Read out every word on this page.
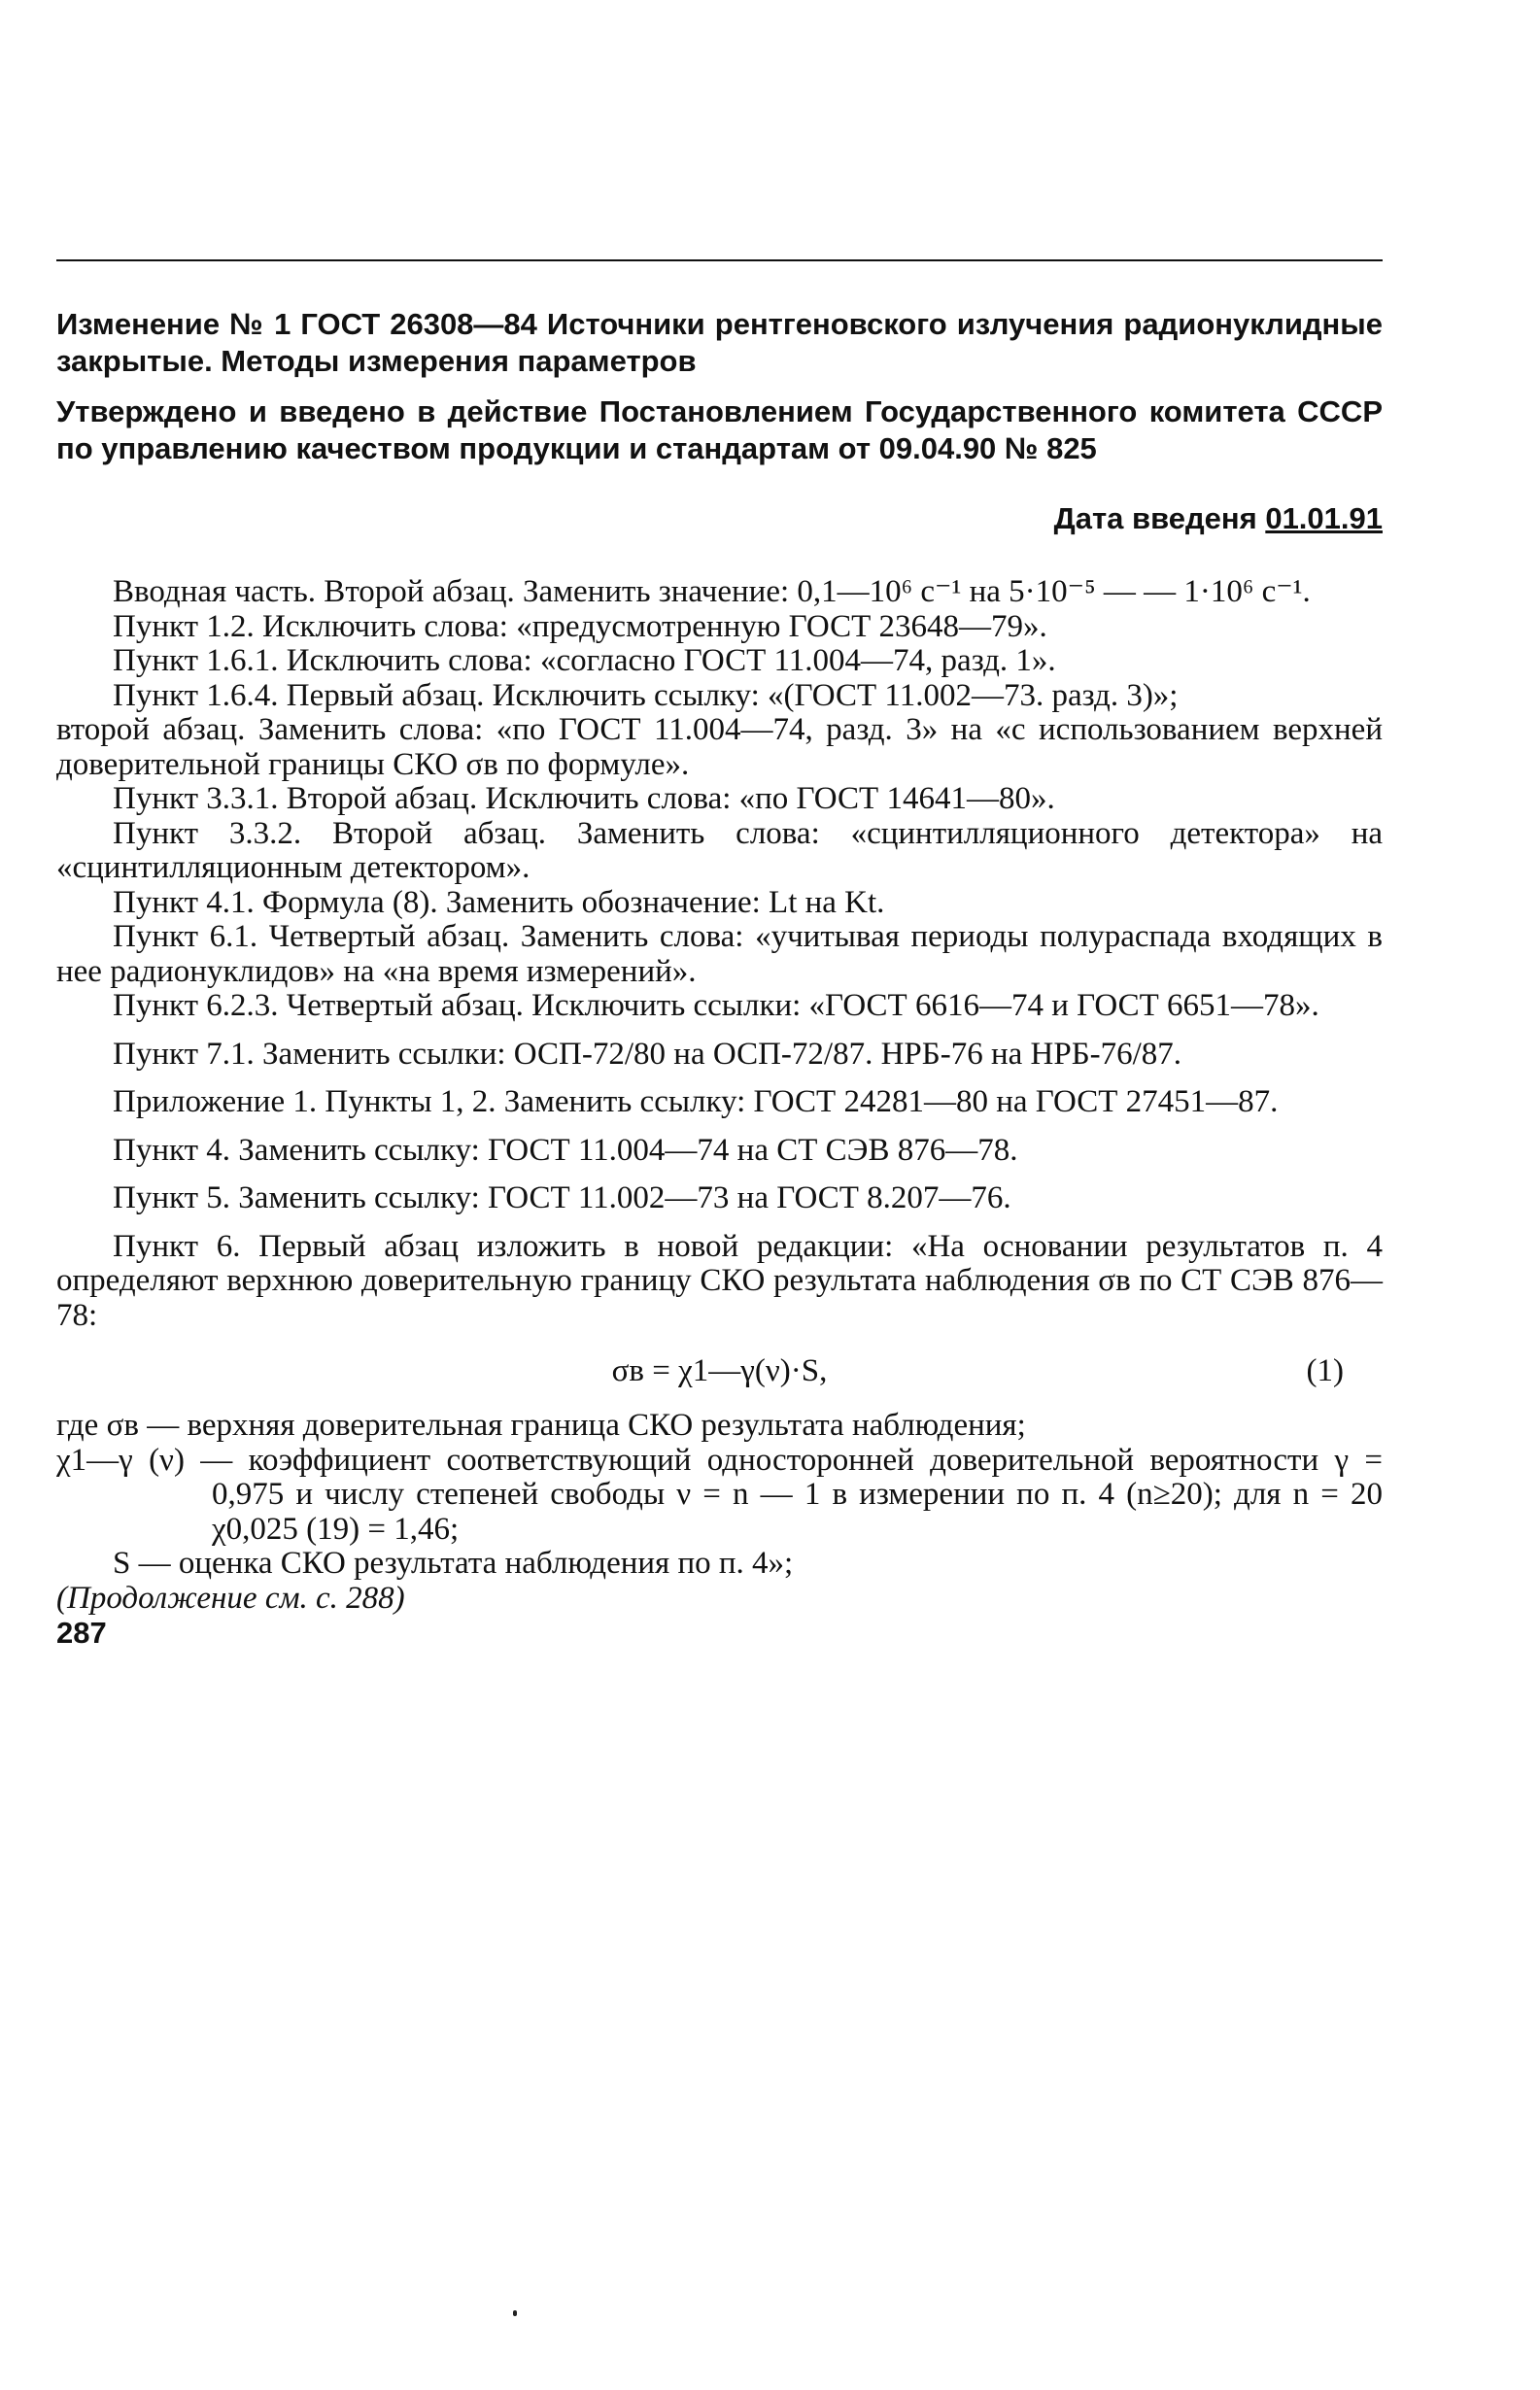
Изменение № 1 ГОСТ 26308—84 Источники рентгеновского излучения радионуклидные закрытые. Методы измерения параметров
Утверждено и введено в действие Постановлением Государственного комитета СССР по управлению качеством продукции и стандартам от 09.04.90 № 825
Дата введеня 01.01.91

Вводная часть. Второй абзац. Заменить значение: 0,1—10⁶ с⁻¹ на 5·10⁻⁵ — — 1·10⁶ с⁻¹.

Пункт 1.2. Исключить слова: «предусмотренную ГОСТ 23648—79».

Пункт 1.6.1. Исключить слова: «согласно ГОСТ 11.004—74, разд. 1».

Пункт 1.6.4. Первый абзац. Исключить ссылку: «(ГОСТ 11.002—73. разд. 3)»;

второй абзац. Заменить слова: «по ГОСТ 11.004—74, разд. 3» на «с использованием верхней доверительной границы СКО σв по формуле».

Пункт 3.3.1. Второй абзац. Исключить слова: «по ГОСТ 14641—80».

Пункт 3.3.2. Второй абзац. Заменить слова: «сцинтилляционного детектора» на «сцинтилляционным детектором».

Пункт 4.1. Формула (8). Заменить обозначение: Lt на Kt.

Пункт 6.1. Четвертый абзац. Заменить слова: «учитывая периоды полураспада входящих в нее радионуклидов» на «на время измерений».

Пункт 6.2.3. Четвертый абзац. Исключить ссылки: «ГОСТ 6616—74 и ГОСТ 6651—78».

Пункт 7.1. Заменить ссылки: ОСП-72/80 на ОСП-72/87. НРБ-76 на НРБ-76/87.

Приложение 1. Пункты 1, 2. Заменить ссылку: ГОСТ 24281—80 на ГОСТ 27451—87.

Пункт 4. Заменить ссылку: ГОСТ 11.004—74 на СТ СЭВ 876—78.

Пункт 5. Заменить ссылку: ГОСТ 11.002—73 на ГОСТ 8.207—76.

Пункт 6. Первый абзац изложить в новой редакции: «На основании результатов п. 4 определяют верхнюю доверительную границу СКО результата наблюдения σв по СТ СЭВ 876—78:

σв = χ1—γ(ν)·S,	(1)

где σв — верхняя доверительная граница СКО результата наблюдения;

χ1—γ (ν) — коэффициент соответствующий односторонней доверительной вероятности γ = 0,975 и числу степеней свободы ν = n — 1 в измерении по п. 4 (n≥20); для n = 20 χ0,025 (19) = 1,46;

S — оценка СКО результата наблюдения по п. 4»;

(Продолжение см. с. 288)

287
